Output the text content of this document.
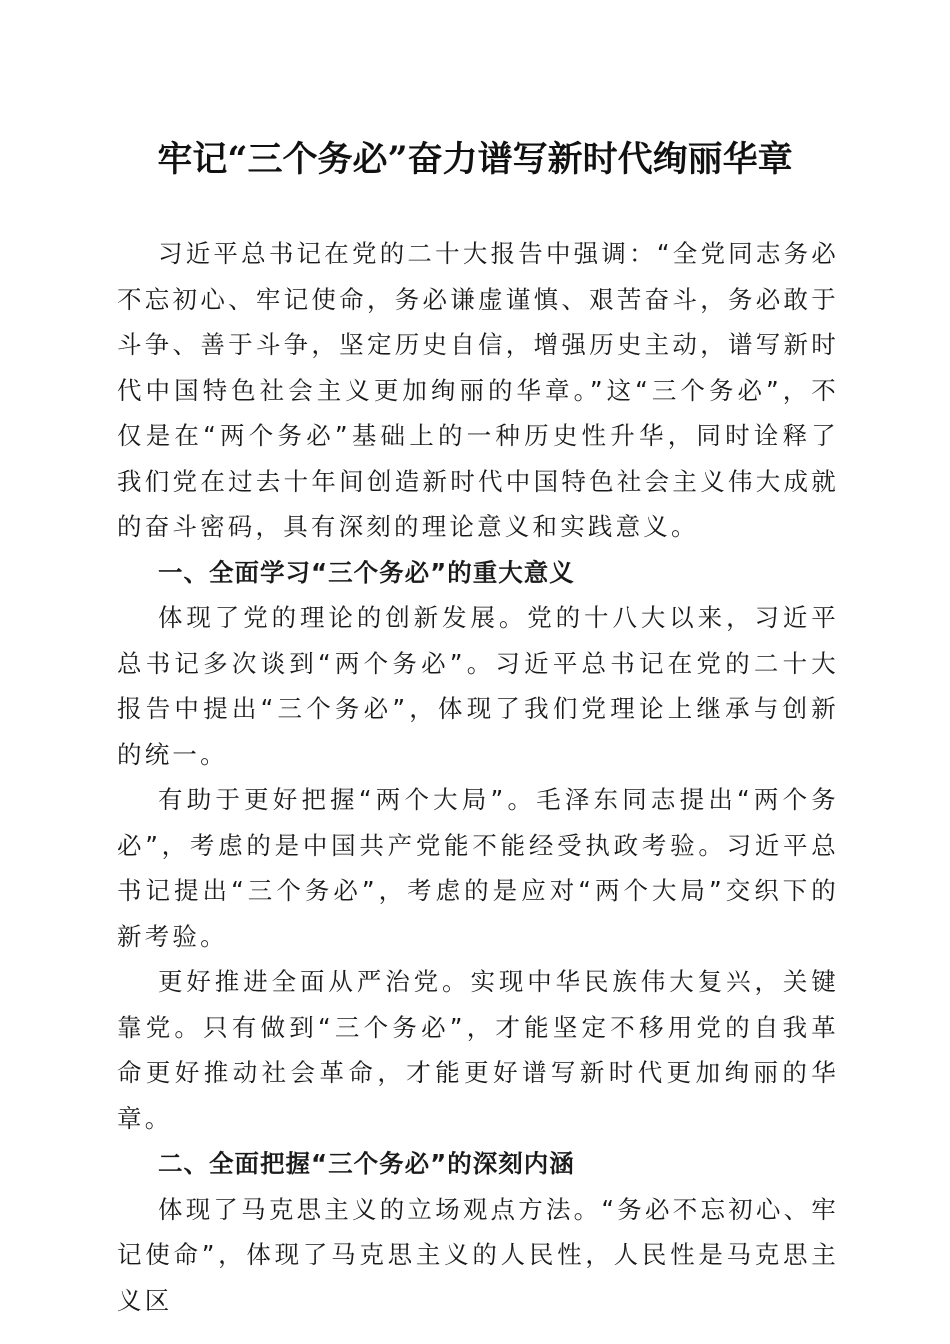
牢记“三个务必”奋力谱写新时代绚丽华章

习近平总书记在党的二十大报告中强调：“全党同志务必不忘初心、牢记使命，务必谦虚谨慎、艰苦奋斗，务必敢于斗争、善于斗争，坚定历史自信，增强历史主动，谱写新时代中国特色社会主义更加绚丽的华章。”这“三个务必”，不仅是在“两个务必”基础上的一种历史性升华，同时诠释了我们党在过去十年间创造新时代中国特色社会主义伟大成就的奋斗密码，具有深刻的理论意义和实践意义。

一、全面学习“三个务必”的重大意义

体现了党的理论的创新发展。党的十八大以来，习近平总书记多次谈到“两个务必”。习近平总书记在党的二十大报告中提出“三个务必”，体现了我们党理论上继承与创新的统一。

有助于更好把握“两个大局”。毛泽东同志提出“两个务必”，考虑的是中国共产党能不能经受执政考验。习近平总书记提出“三个务必”，考虑的是应对“两个大局”交织下的新考验。

更好推进全面从严治党。实现中华民族伟大复兴，关键靠党。只有做到“三个务必”，才能坚定不移用党的自我革命更好推动社会革命，才能更好谱写新时代更加绚丽的华章。

二、全面把握“三个务必”的深刻内涵

体现了马克思主义的立场观点方法。“务必不忘初心、牢记使命”，体现了马克思主义的人民性，人民性是马克思主义区
